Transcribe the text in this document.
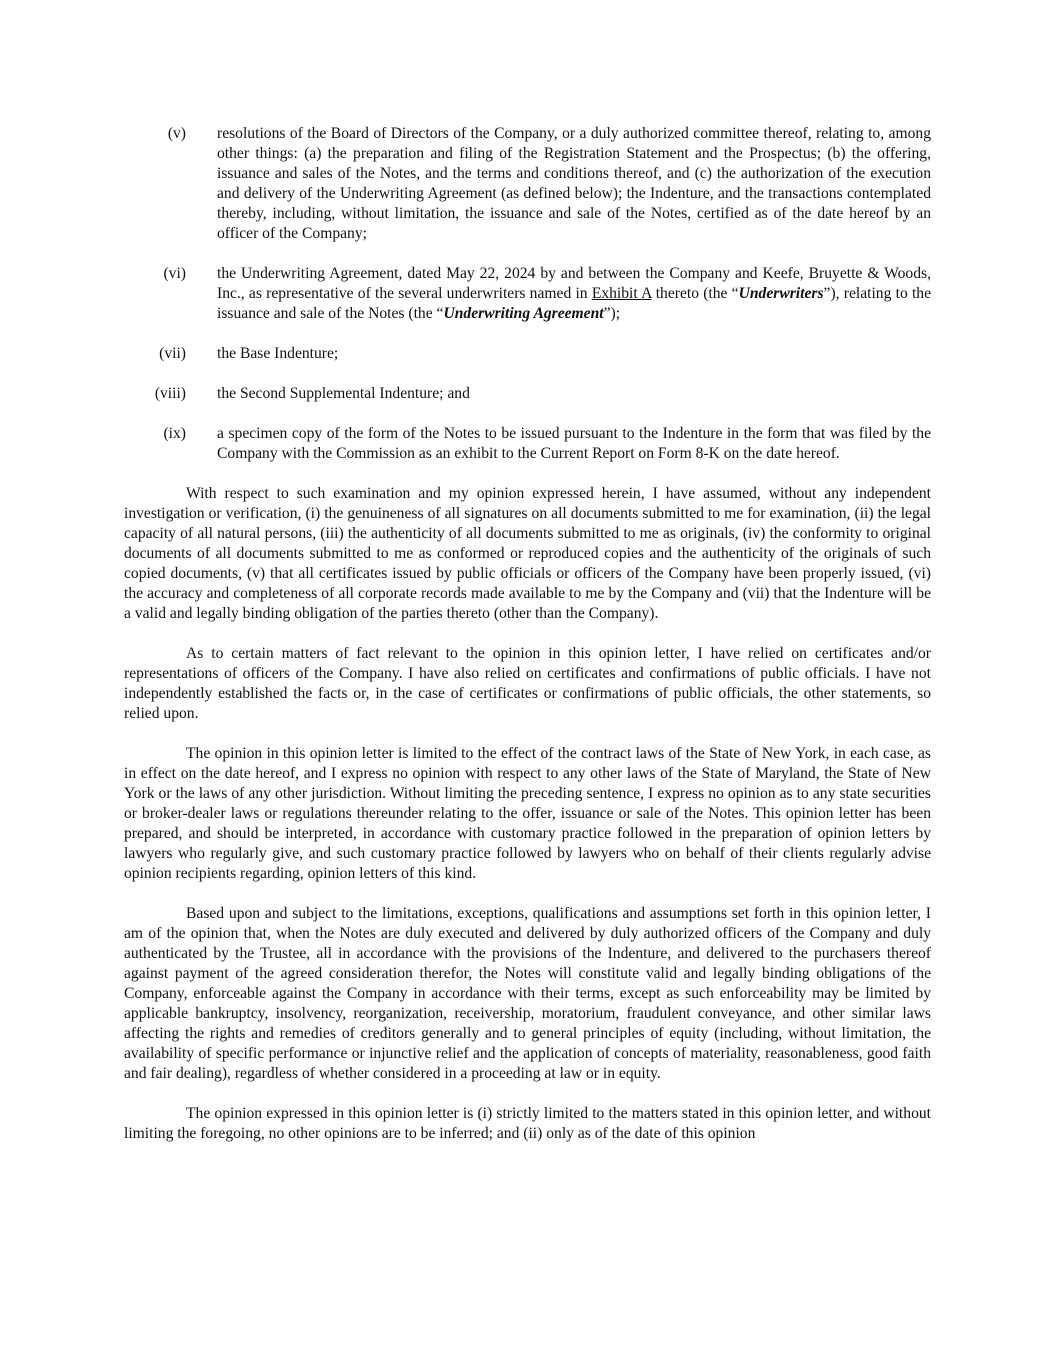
(v) resolutions of the Board of Directors of the Company, or a duly authorized committee thereof, relating to, among other things: (a) the preparation and filing of the Registration Statement and the Prospectus; (b) the offering, issuance and sales of the Notes, and the terms and conditions thereof, and (c) the authorization of the execution and delivery of the Underwriting Agreement (as defined below); the Indenture, and the transactions contemplated thereby, including, without limitation, the issuance and sale of the Notes, certified as of the date hereof by an officer of the Company;
(vi) the Underwriting Agreement, dated May 22, 2024 by and between the Company and Keefe, Bruyette & Woods, Inc., as representative of the several underwriters named in Exhibit A thereto (the “Underwriters”), relating to the issuance and sale of the Notes (the “Underwriting Agreement”);
(vii) the Base Indenture;
(viii) the Second Supplemental Indenture; and
(ix) a specimen copy of the form of the Notes to be issued pursuant to the Indenture in the form that was filed by the Company with the Commission as an exhibit to the Current Report on Form 8-K on the date hereof.

With respect to such examination and my opinion expressed herein, I have assumed, without any independent investigation or verification, (i) the genuineness of all signatures on all documents submitted to me for examination, (ii) the legal capacity of all natural persons, (iii) the authenticity of all documents submitted to me as originals, (iv) the conformity to original documents of all documents submitted to me as conformed or reproduced copies and the authenticity of the originals of such copied documents, (v) that all certificates issued by public officials or officers of the Company have been properly issued, (vi) the accuracy and completeness of all corporate records made available to me by the Company and (vii) that the Indenture will be a valid and legally binding obligation of the parties thereto (other than the Company).

As to certain matters of fact relevant to the opinion in this opinion letter, I have relied on certificates and/or representations of officers of the Company. I have also relied on certificates and confirmations of public officials. I have not independently established the facts or, in the case of certificates or confirmations of public officials, the other statements, so relied upon.

The opinion in this opinion letter is limited to the effect of the contract laws of the State of New York, in each case, as in effect on the date hereof, and I express no opinion with respect to any other laws of the State of Maryland, the State of New York or the laws of any other jurisdiction. Without limiting the preceding sentence, I express no opinion as to any state securities or broker-dealer laws or regulations thereunder relating to the offer, issuance or sale of the Notes. This opinion letter has been prepared, and should be interpreted, in accordance with customary practice followed in the preparation of opinion letters by lawyers who regularly give, and such customary practice followed by lawyers who on behalf of their clients regularly advise opinion recipients regarding, opinion letters of this kind.

Based upon and subject to the limitations, exceptions, qualifications and assumptions set forth in this opinion letter, I am of the opinion that, when the Notes are duly executed and delivered by duly authorized officers of the Company and duly authenticated by the Trustee, all in accordance with the provisions of the Indenture, and delivered to the purchasers thereof against payment of the agreed consideration therefor, the Notes will constitute valid and legally binding obligations of the Company, enforceable against the Company in accordance with their terms, except as such enforceability may be limited by applicable bankruptcy, insolvency, reorganization, receivership, moratorium, fraudulent conveyance, and other similar laws affecting the rights and remedies of creditors generally and to general principles of equity (including, without limitation, the availability of specific performance or injunctive relief and the application of concepts of materiality, reasonableness, good faith and fair dealing), regardless of whether considered in a proceeding at law or in equity.

The opinion expressed in this opinion letter is (i) strictly limited to the matters stated in this opinion letter, and without limiting the foregoing, no other opinions are to be inferred; and (ii) only as of the date of this opinion
